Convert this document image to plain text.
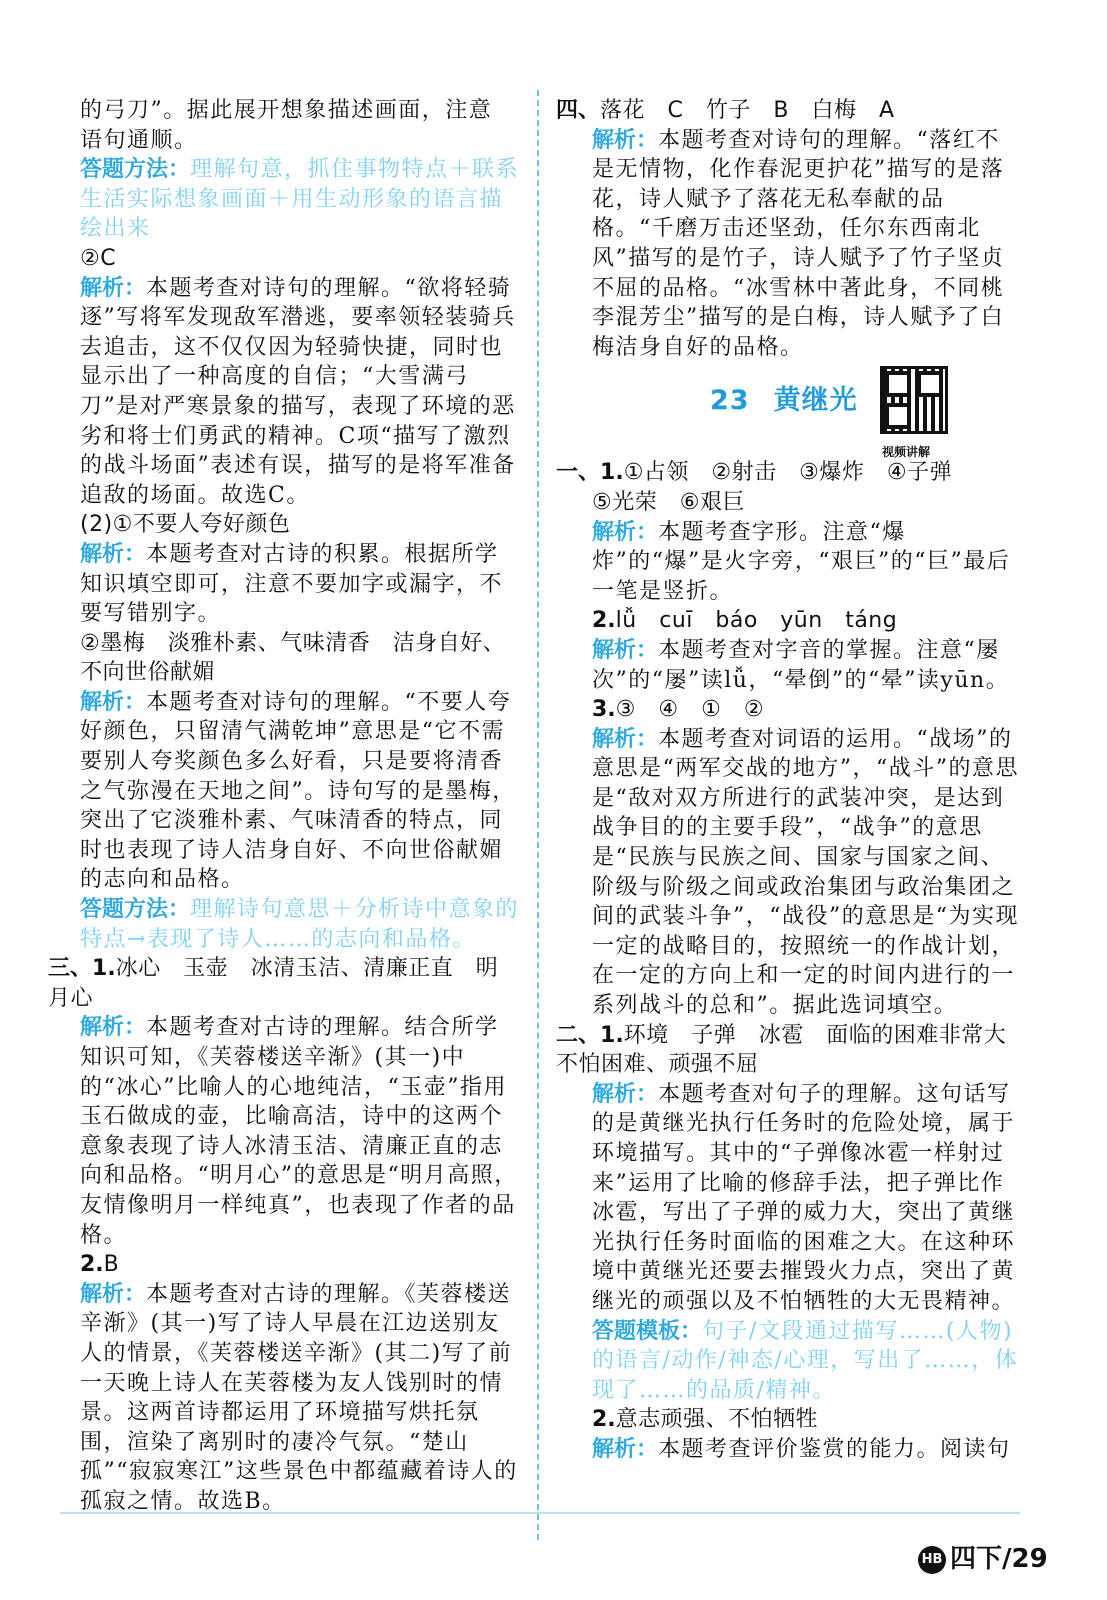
的弓刀”。据此展开想象描述画面，注意

语句通顺。

答题方法：理解句意，抓住事物特点＋联系生活实际想象画面＋用生动形象的语言描绘出来

②C

解析：本题考查对诗句的理解。“欲将轻骑逐”写将军发现敌军潜逃，要率领轻装骑兵去追击，这不仅仅因为轻骑快捷，同时也显示出了一种高度的自信；“大雪满弓刀”是对严寒景象的描写，表现了环境的恶劣和将士们勇武的精神。C项“描写了激烈的战斗场面”表述有误，描写的是将军准备追敌的场面。故选C。

(2)①不要人夸好颜色

解析：本题考查对古诗的积累。根据所学知识填空即可，注意不要加字或漏字，不要写错别字。

②墨梅　淡雅朴素、气味清香　洁身自好、不向世俗献媚

解析：本题考查对诗句的理解。“不要人夸好颜色，只留清气满乾坤”意思是“它不需要别人夸奖颜色多么好看，只是要将清香之气弥漫在天地之间”。诗句写的是墨梅，突出了它淡雅朴素、气味清香的特点，同时也表现了诗人洁身自好、不向世俗献媚的志向和品格。

答题方法：理解诗句意思＋分析诗中意象的特点→表现了诗人……的志向和品格。

三、1.冰心　玉壶　冰清玉洁、清廉正直　明月心

解析：本题考查对古诗的理解。结合所学知识可知，《芙蓉楼送辛渐》(其一)中的“冰心”比喻人的心地纯洁，“玉壶”指用玉石做成的壶，比喻高洁，诗中的这两个意象表现了诗人冰清玉洁、清廉正直的志向和品格。“明月心”的意思是“明月高照，友情像明月一样纯真”，也表现了作者的品格。

2.B

解析：本题考查对古诗的理解。《芙蓉楼送辛渐》(其一)写了诗人早晨在江边送别友人的情景，《芙蓉楼送辛渐》(其二)写了前一天晚上诗人在芙蓉楼为友人饯别时的情景。这两首诗都运用了环境描写烘托氛围，渲染了离别时的凄冷气氛。“楚山孤”“寂寂寒江”这些景色中都蕴藏着诗人的孤寂之情。故选B。

四、落花　C　竹子　B　白梅　A

解析：本题考查对诗句的理解。“落红不是无情物，化作春泥更护花”描写的是落花，诗人赋予了落花无私奉献的品格。“千磨万击还坚劲，任尔东西南北风”描写的是竹子，诗人赋予了竹子坚贞不屈的品格。“冰雪林中著此身，不同桃李混芳尘”描写的是白梅，诗人赋予了白梅洁身自好的品格。

23 黄继光
视频讲解

一、1.①占领　②射击　③爆炸　④子弹

⑤光荣　⑥艰巨

解析：本题考查字形。注意“爆炸”的“爆”是火字旁，“艰巨”的“巨”最后一笔是竖折。

2.lǚ　cuī　báo　yūn　táng

解析：本题考查对字音的掌握。注意“屡次”的“屡”读lǚ，“晕倒”的“晕”读yūn。

3.③　④　①　②

解析：本题考查对词语的运用。“战场”的意思是“两军交战的地方”，“战斗”的意思是“敌对双方所进行的武装冲突，是达到战争目的的主要手段”，“战争”的意思是“民族与民族之间、国家与国家之间、阶级与阶级之间或政治集团与政治集团之间的武装斗争”，“战役”的意思是“为实现一定的战略目的，按照统一的作战计划，在一定的方向上和一定的时间内进行的一系列战斗的总和”。据此选词填空。

二、1.环境　子弹　冰雹　面临的困难非常大　不怕困难、顽强不屈

解析：本题考查对句子的理解。这句话写的是黄继光执行任务时的危险处境，属于环境描写。其中的“子弹像冰雹一样射过来”运用了比喻的修辞手法，把子弹比作冰雹，写出了子弹的威力大，突出了黄继光执行任务时面临的困难之大。在这种环境中黄继光还要去摧毁火力点，突出了黄继光的顽强以及不怕牺牲的大无畏精神。

答题模板：句子/文段通过描写……(人物)的语言/动作/神态/心理，写出了……，体现了……的品质/精神。

2.意志顽强、不怕牺牲

解析：本题考查评价鉴赏的能力。阅读句

HB 四下/29
